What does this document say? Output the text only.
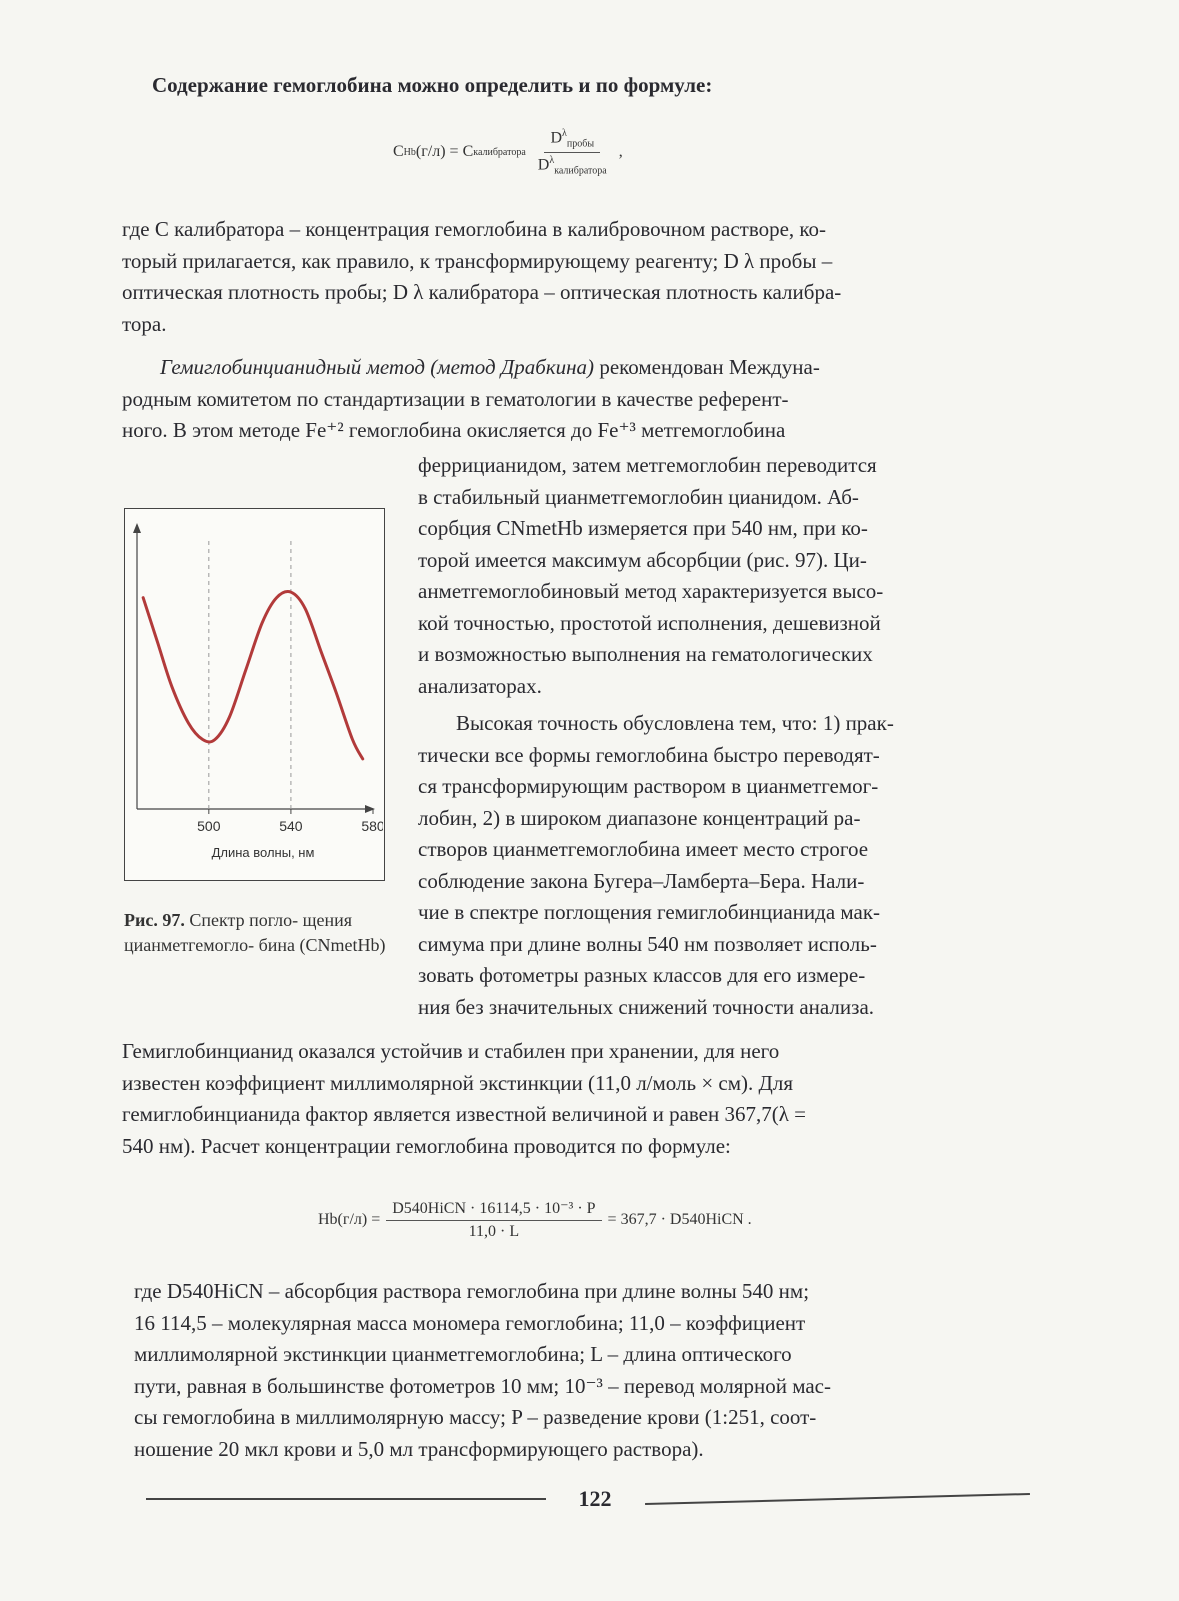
Содержание гемоглобина можно определить и по формуле:

C Hb (г/л) = C калибратора $\frac{D^\lambda_{пробы}}{D^\lambda_{калибратора}}$ ,

где C калибратора – концентрация гемоглобина в калибровочном растворе, ко-
торый прилагается, как правило, к трансформирующему реагенту; D λ пробы –
оптическая плотность пробы; D λ калибратора – оптическая плотность калибра-
тора.

Гемиглобинцианидный метод (метод Драбкина) рекомендован Междуна-
родным комитетом по стандартизации в гематологии в качестве референт-
ного. В этом методе Fe⁺² гемоглобина окисляется до Fe⁺³ метгемоглобина

феррицианидом, затем метгемоглобин переводится
в стабильный цианметгемоглобин цианидом. Аб-
сорбция CNmetHb измеряется при 540 нм, при ко-
торой имеется максимум абсорбции (рис. 97). Ци-
анметгемоглобиновый метод характеризуется высо-
кой точностью, простотой исполнения, дешевизной
и возможностью выполнения на гематологических
анализаторах.

Высокая точность обусловлена тем, что: 1) прак-
тически все формы гемоглобина быстро переводят-
ся трансформирующим раствором в цианметгемог-
лобин, 2) в широком диапазоне концентраций ра-
створов цианметгемоглобина имеет место строгое
соблюдение закона Бугера–Ламберта–Бера. Нали-
чие в спектре поглощения гемиглобинцианида мак-
симума при длине волны 540 нм позволяет исполь-
зовать фотометры разных классов для его измере-
ния без значительных снижений точности анализа.

500	540	580
Длина волны, нм
Рис. 97. Спектр погло- щения цианметгемогло- бина (CNmetHb)

Гемиглобинцианид оказался устойчив и стабилен при хранении, для него
известен коэффициент миллимолярной экстинкции (11,0 л/моль × см). Для
гемиглобинцианида фактор является известной величиной и равен 367,7(λ =
540 нм). Расчет концентрации гемоглобина проводится по формуле:

$Hb(г/л) = \frac{\text{D540HiCN · 16114,5 · 10⁻³ · P}}{11,0 \cdot L} = 367,7$ · D540HiCN .

где D540HiCN – абсорбция раствора гемоглобина при длине волны 540 нм;
16 114,5 – молекулярная масса мономера гемоглобина; 11,0 – коэффициент
миллимолярной экстинкции цианметгемоглобина; L – длина оптического
пути, равная в большинстве фотометров 10 мм; 10⁻³ – перевод молярной мас-
сы гемоглобина в миллимолярную массу; P – разведение крови (1:251, соот-
ношение 20 мкл крови и 5,0 мл трансформирующего раствора).

122
